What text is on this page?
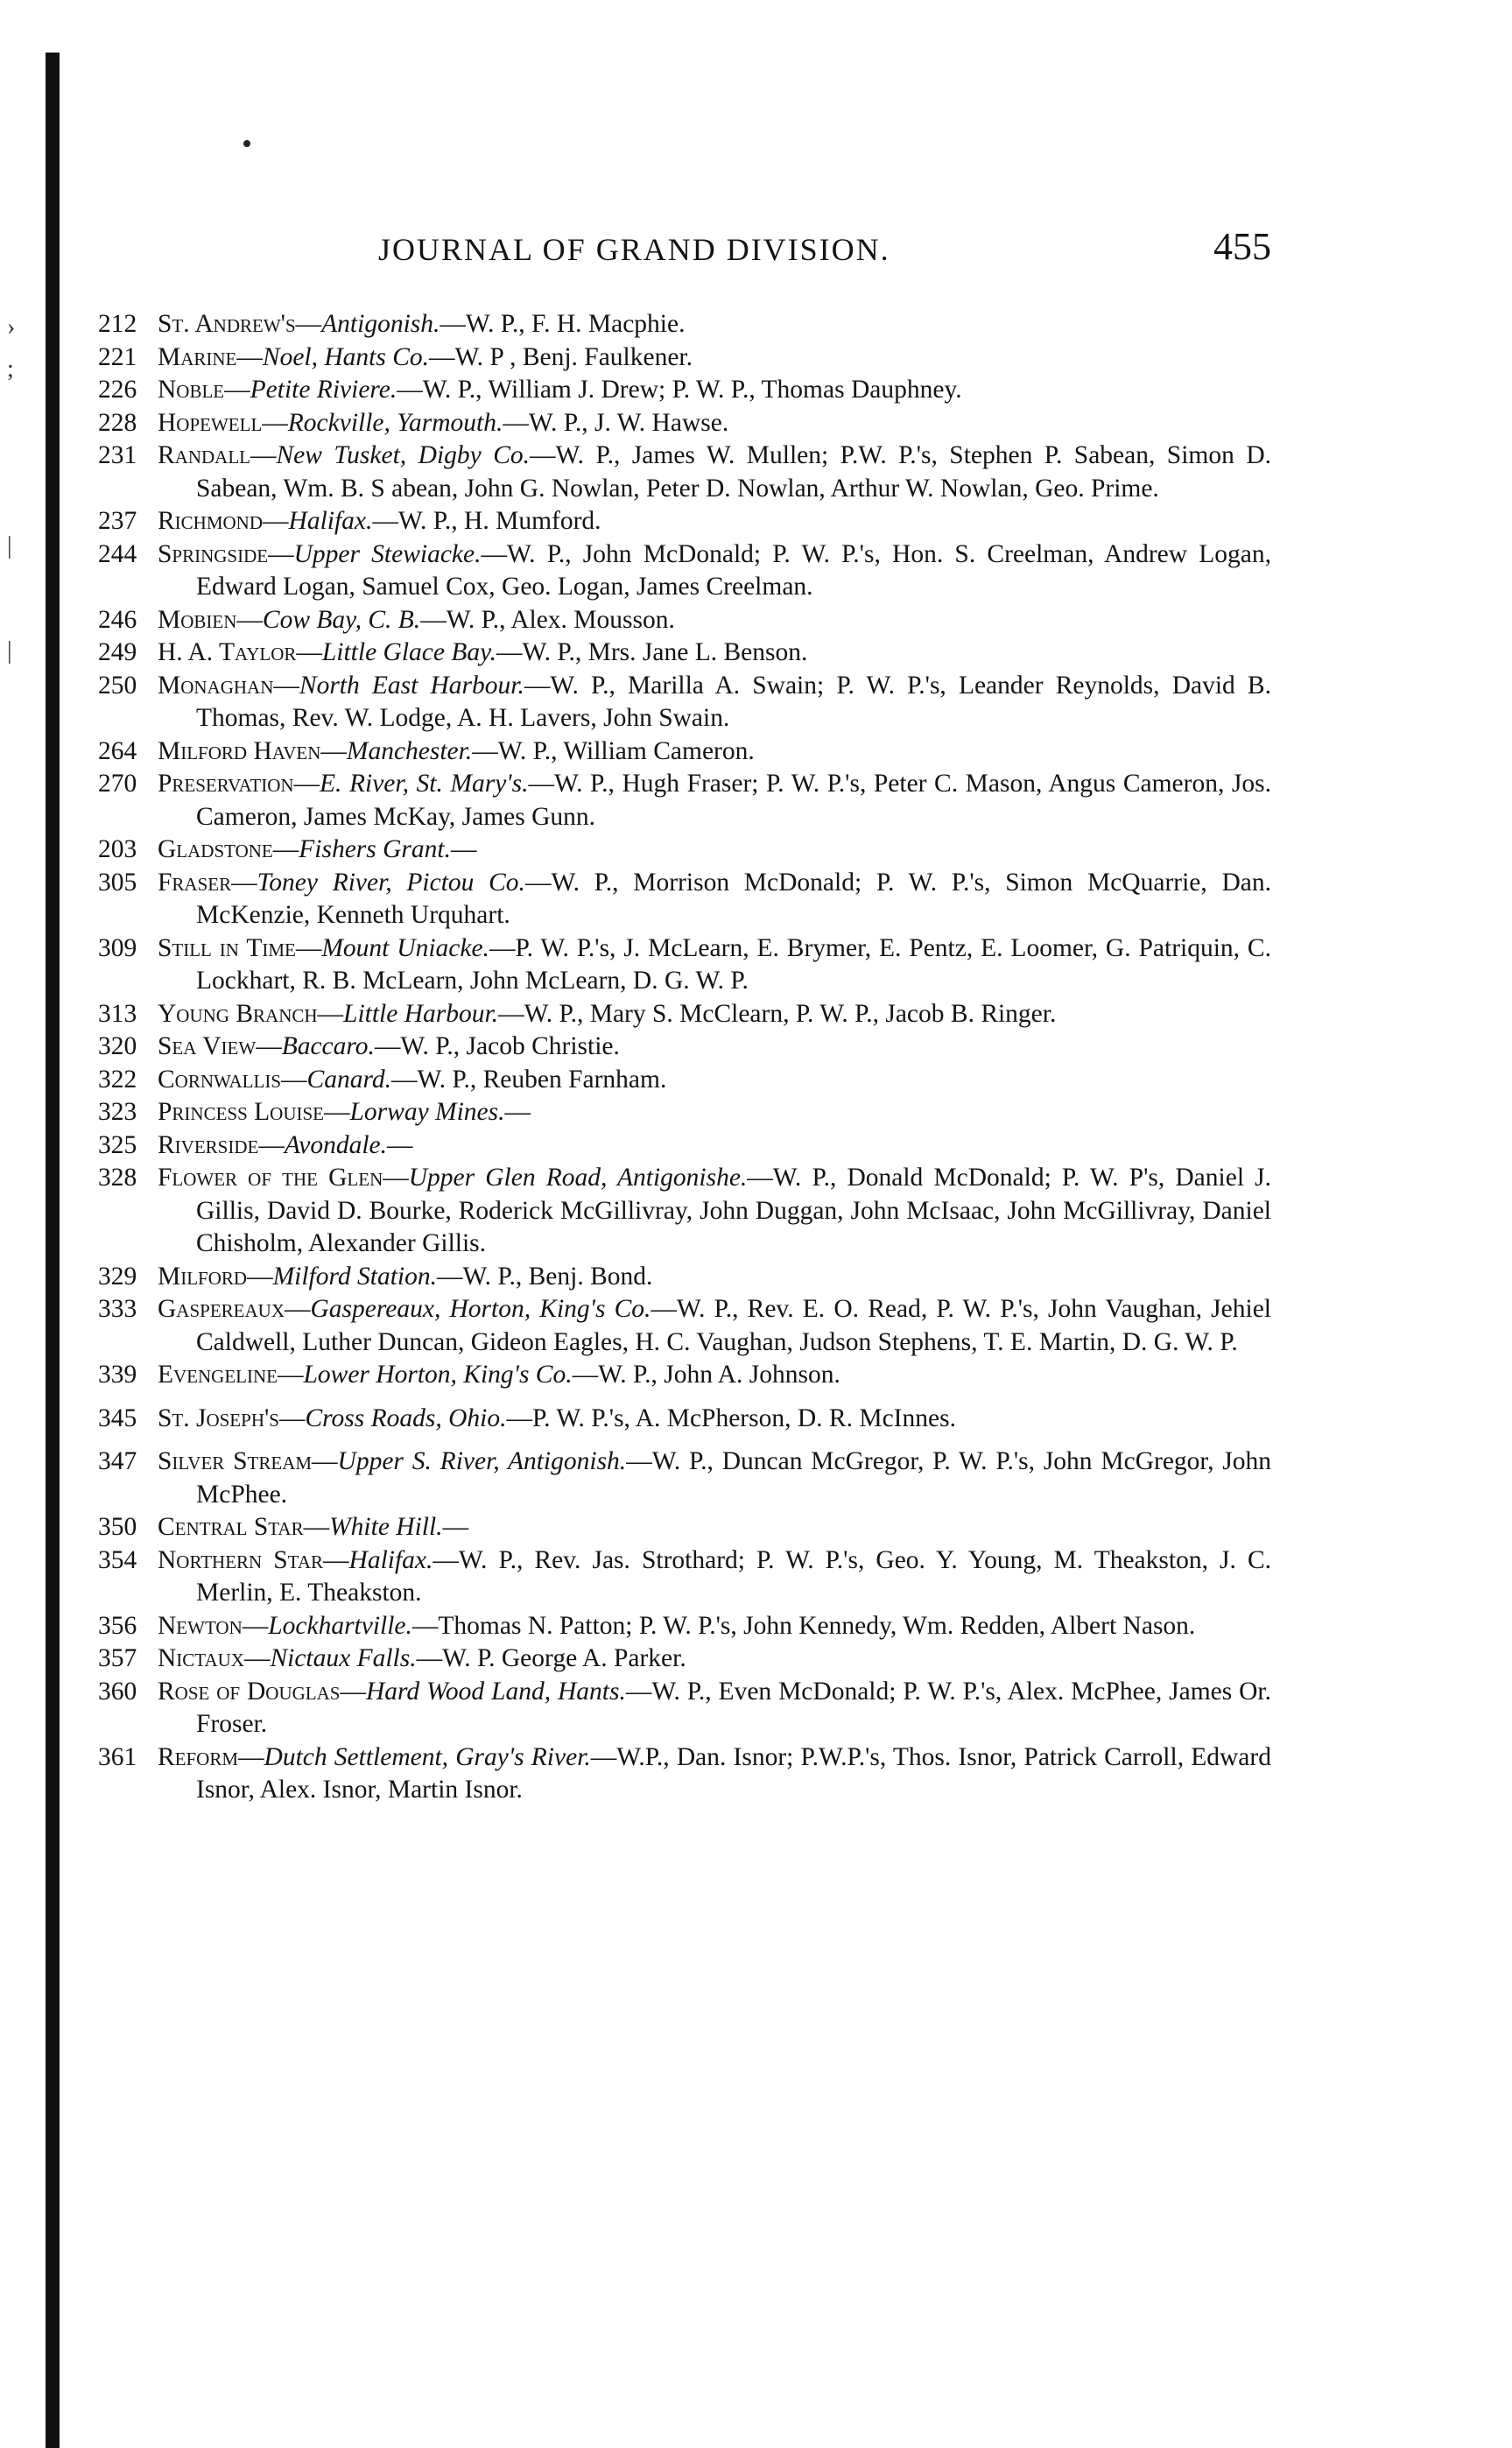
›
;
|
|
JOURNAL OF GRAND DIVISION.	455
212 St. Andrew's—Antigonish.—W. P., F. H. Macphie.
221 Marine—Noel, Hants Co.—W. P , Benj. Faulkener.
226 Noble—Petite Riviere.—W. P., William J. Drew; P. W. P., Thomas Dauphney.
228 Hopewell—Rockville, Yarmouth.—W. P., J. W. Hawse.
231 Randall—New Tusket, Digby Co.—W. P., James W. Mullen; P.W. P.'s, Stephen P. Sabean, Simon D. Sabean, Wm. B. S abean, John G. Nowlan, Peter D. Nowlan, Arthur W. Nowlan, Geo. Prime.
237 Richmond—Halifax.—W. P., H. Mumford.
244 Springside—Upper Stewiacke.—W. P., John McDonald; P. W. P.'s, Hon. S. Creelman, Andrew Logan, Edward Logan, Samuel Cox, Geo. Logan, James Creelman.
246 Mobien—Cow Bay, C. B.—W. P., Alex. Mousson.
249 H. A. Taylor—Little Glace Bay.—W. P., Mrs. Jane L. Benson.
250 Monaghan—North East Harbour.—W. P., Marilla A. Swain; P. W. P.'s, Leander Reynolds, David B. Thomas, Rev. W. Lodge, A. H. Lavers, John Swain.
264 Milford Haven—Manchester.—W. P., William Cameron.
270 Preservation—E. River, St. Mary's.—W. P., Hugh Fraser; P. W. P.'s, Peter C. Mason, Angus Cameron, Jos. Cameron, James McKay, James Gunn.
203 Gladstone—Fishers Grant.—
305 Fraser—Toney River, Pictou Co.—W. P., Morrison McDonald; P. W. P.'s, Simon McQuarrie, Dan. McKenzie, Kenneth Urquhart.
309 Still in Time—Mount Uniacke.—P. W. P.'s, J. McLearn, E. Brymer, E. Pentz, E. Loomer, G. Patriquin, C. Lockhart, R. B. McLearn, John McLearn, D. G. W. P.
313 Young Branch—Little Harbour.—W. P., Mary S. McClearn, P. W. P., Jacob B. Ringer.
320 Sea View—Baccaro.—W. P., Jacob Christie.
322 Cornwallis—Canard.—W. P., Reuben Farnham.
323 Princess Louise—Lorway Mines.—
325 Riverside—Avondale.—
328 Flower of the Glen—Upper Glen Road, Antigonishe.—W. P., Donald McDonald; P. W. P's, Daniel J. Gillis, David D. Bourke, Roderick McGillivray, John Duggan, John McIsaac, John McGillivray, Daniel Chisholm, Alexander Gillis.
329 Milford—Milford Station.—W. P., Benj. Bond.
333 Gaspereaux—Gaspereaux, Horton, King's Co.—W. P., Rev. E. O. Read, P. W. P.'s, John Vaughan, Jehiel Caldwell, Luther Duncan, Gideon Eagles, H. C. Vaughan, Judson Stephens, T. E. Martin, D. G. W. P.
339 Evengeline—Lower Horton, King's Co.—W. P., John A. Johnson.
345 St. Joseph's—Cross Roads, Ohio.—P. W. P.'s, A. McPherson, D. R. McInnes.
347 Silver Stream—Upper S. River, Antigonish.—W. P., Duncan McGregor, P. W. P.'s, John McGregor, John McPhee.
350 Central Star—White Hill.—
354 Northern Star—Halifax.—W. P., Rev. Jas. Strothard; P. W. P.'s, Geo. Y. Young, M. Theakston, J. C. Merlin, E. Theakston.
356 Newton—Lockhartville.—Thomas N. Patton; P. W. P.'s, John Kennedy, Wm. Redden, Albert Nason.
357 Nictaux—Nictaux Falls.—W. P. George A. Parker.
360 Rose of Douglas—Hard Wood Land, Hants.—W. P., Even McDonald; P. W. P.'s, Alex. McPhee, James Or. Froser.
361 Reform—Dutch Settlement, Gray's River.—W.P., Dan. Isnor; P.W.P.'s, Thos. Isnor, Patrick Carroll, Edward Isnor, Alex. Isnor, Martin Isnor.
